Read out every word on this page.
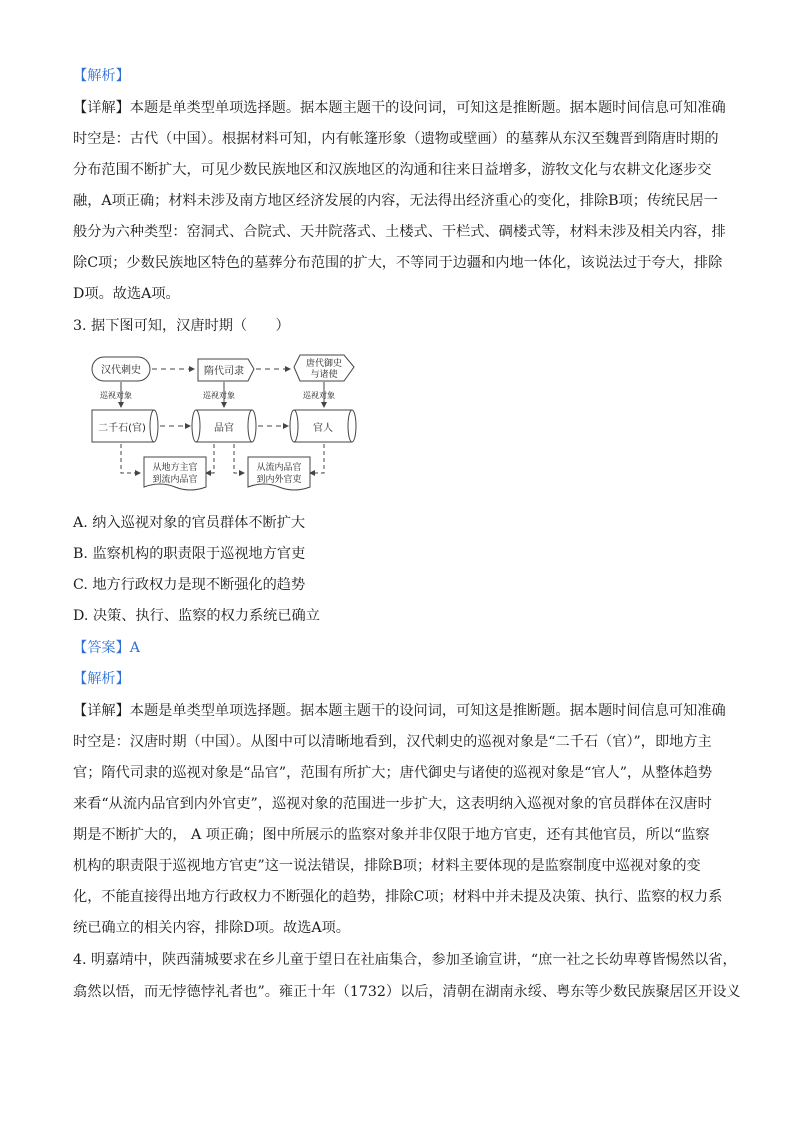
【解析】
【详解】本题是单类型单项选择题。据本题主题干的设问词，可知这是推断题。据本题时间信息可知准确
时空是：古代（中国）。根据材料可知，内有帐篷形象（遗物或壁画）的墓葬从东汉至魏晋到隋唐时期的
分布范围不断扩大，可见少数民族地区和汉族地区的沟通和往来日益增多，游牧文化与农耕文化逐步交
融，A项正确；材料未涉及南方地区经济发展的内容，无法得出经济重心的变化，排除B项；传统民居一
般分为六种类型：窑洞式、合院式、天井院落式、土楼式、干栏式、碉楼式等，材料未涉及相关内容，排
除C项；少数民族地区特色的墓葬分布范围的扩大，不等同于边疆和内地一体化，该说法过于夸大，排除
D项。故选A项。
3. 据下图可知，汉唐时期（　　）
汉代刺史	隋代司隶
唐代御史
与诸使
巡视对象	巡视对象	巡视对象
二千石(官)	品官	官人
从地方主官
到流内品官
从流内品官
到内外官吏
A. 纳入巡视对象的官员群体不断扩大
B. 监察机构的职责限于巡视地方官吏
C. 地方行政权力是现不断强化的趋势
D. 决策、执行、监察的权力系统已确立
【答案】A
【解析】
【详解】本题是单类型单项选择题。据本题主题干的设问词，可知这是推断题。据本题时间信息可知准确
时空是：汉唐时期（中国）。从图中可以清晰地看到，汉代刺史的巡视对象是“二千石（官）”，即地方主
官；隋代司隶的巡视对象是“品官”，范围有所扩大；唐代御史与诸使的巡视对象是“官人”，从整体趋势
来看“从流内品官到内外官吏”，巡视对象的范围进一步扩大，这表明纳入巡视对象的官员群体在汉唐时
期是不断扩大的， A 项正确；图中所展示的监察对象并非仅限于地方官吏，还有其他官员，所以“监察
机构的职责限于巡视地方官吏”这一说法错误，排除B项；材料主要体现的是监察制度中巡视对象的变
化，不能直接得出地方行政权力不断强化的趋势，排除C项；材料中并未提及决策、执行、监察的权力系
统已确立的相关内容，排除D项。故选A项。
4. 明嘉靖中，陕西蒲城要求在乡儿童于望日在社庙集合，参加圣谕宣讲，“庶一社之长幼卑尊皆惕然以省，
翕然以悟，而无悖德悖礼者也”。雍正十年（1732）以后，清朝在湖南永绥、粤东等少数民族聚居区开设义
